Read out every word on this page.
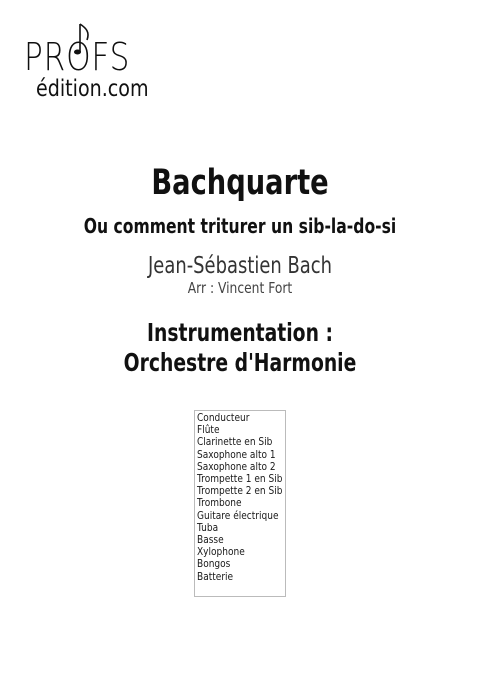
PROFS
édition.com
Bachquarte
Ou comment triturer un sib-la-do-si
Jean-Sébastien Bach
Arr : Vincent Fort
Instrumentation :
Orchestre d'Harmonie
Conducteur
Flûte
Clarinette en Sib
Saxophone alto 1
Saxophone alto 2
Trompette 1 en Sib
Trompette 2 en Sib
Trombone
Guitare électrique
Tuba
Basse
Xylophone
Bongos
Batterie
